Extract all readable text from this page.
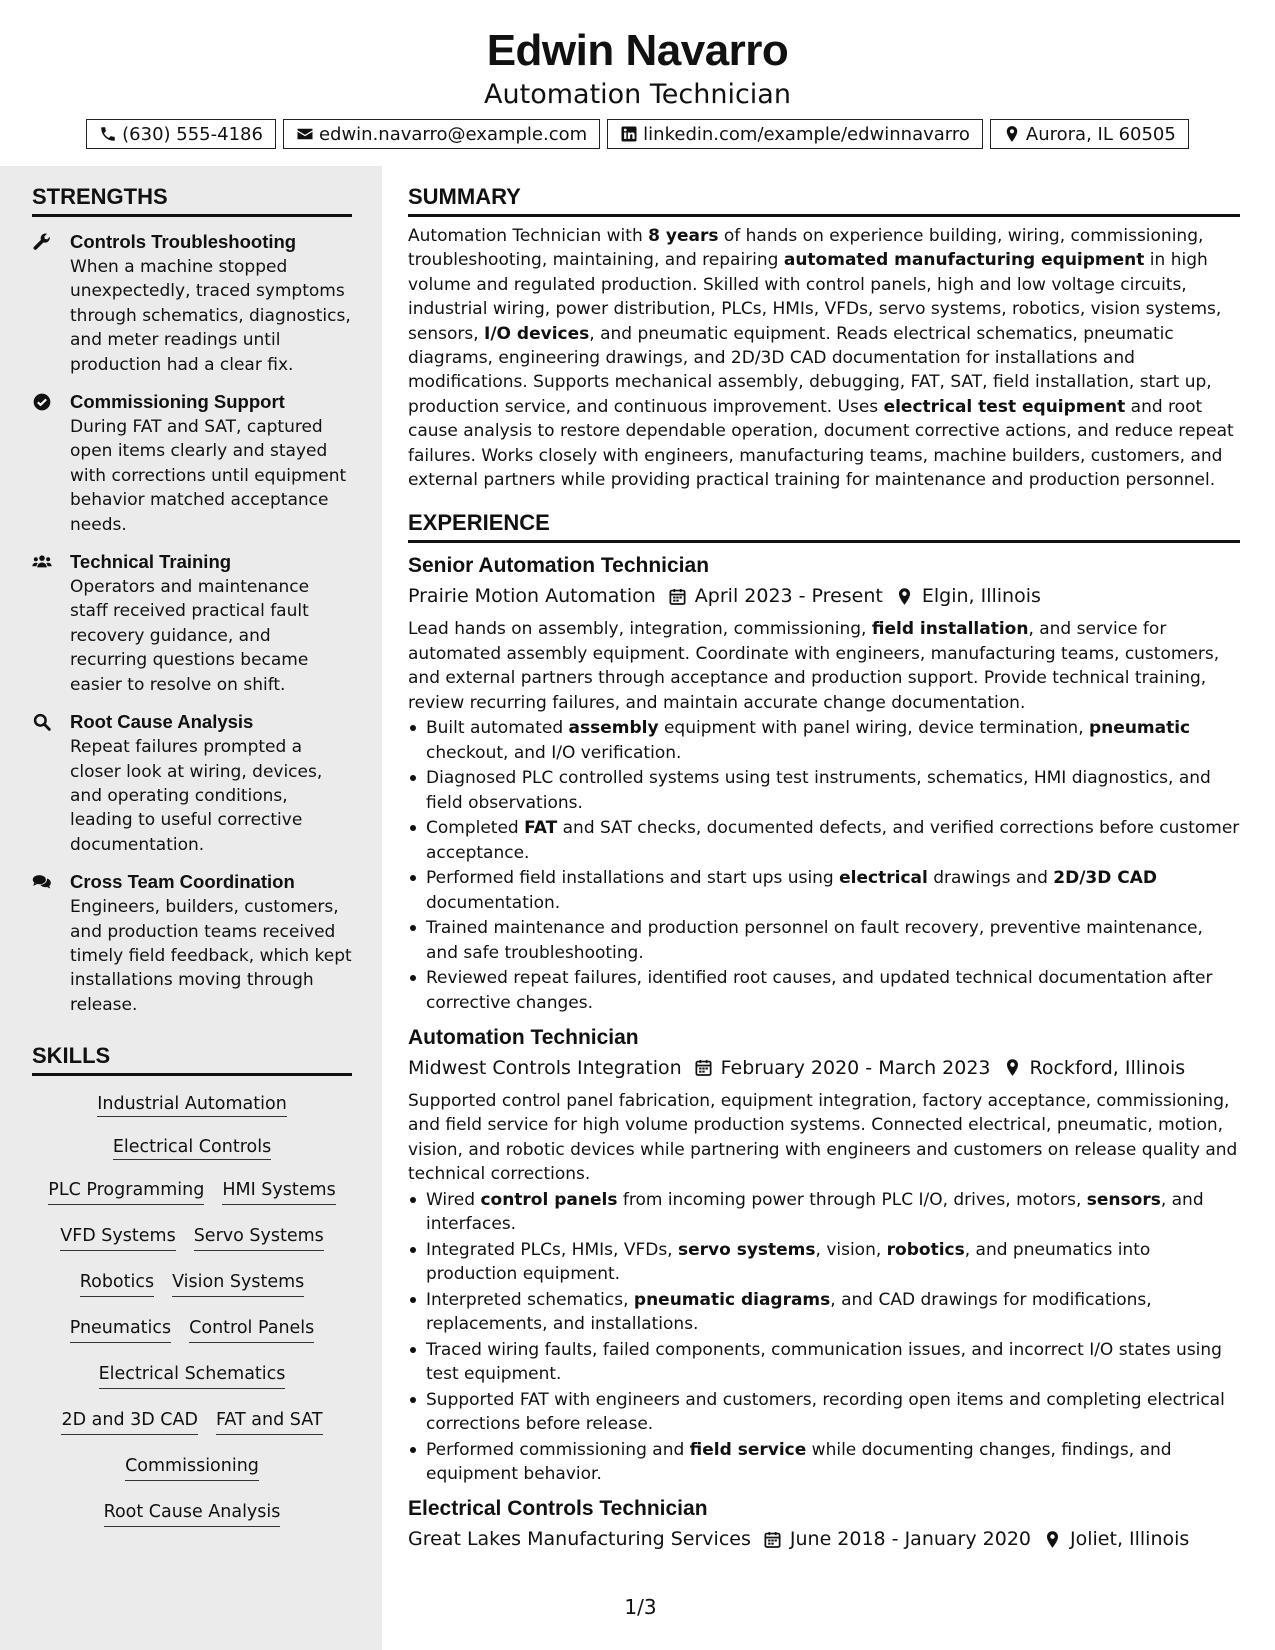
Edwin Navarro
Automation Technician
(630) 555-4186	edwin.navarro@example.com	linkedin.com/example/edwinnavarro	Aurora, IL 60505
STRENGTHS
Controls Troubleshooting
When a machine stopped unexpectedly, traced symptoms through schematics, diagnostics, and meter readings until production had a clear fix.
Commissioning Support
During FAT and SAT, captured open items clearly and stayed with corrections until equipment behavior matched acceptance needs.
Technical Training
Operators and maintenance staff received practical fault recovery guidance, and recurring questions became easier to resolve on shift.
Root Cause Analysis
Repeat failures prompted a closer look at wiring, devices, and operating conditions, leading to useful corrective documentation.
Cross Team Coordination
Engineers, builders, customers, and production teams received timely field feedback, which kept installations moving through release.
SKILLS
Industrial Automation
Electrical Controls
PLC Programming HMI Systems
VFD Systems Servo Systems
Robotics Vision Systems
Pneumatics Control Panels
Electrical Schematics
2D and 3D CAD FAT and SAT
Commissioning
Root Cause Analysis
SUMMARY

Automation Technician with 8 years of hands on experience building, wiring, commissioning, troubleshooting, maintaining, and repairing automated manufacturing equipment in high volume and regulated production. Skilled with control panels, high and low voltage circuits, industrial wiring, power distribution, PLCs, HMIs, VFDs, servo systems, robotics, vision systems, sensors, I/O devices, and pneumatic equipment. Reads electrical schematics, pneumatic diagrams, engineering drawings, and 2D/3D CAD documentation for installations and modifications. Supports mechanical assembly, debugging, FAT, SAT, field installation, start up, production service, and continuous improvement. Uses electrical test equipment and root cause analysis to restore dependable operation, document corrective actions, and reduce repeat failures. Works closely with engineers, manufacturing teams, machine builders, customers, and external partners while providing practical training for maintenance and production personnel.

EXPERIENCE
Senior Automation Technician
Prairie Motion Automation April 2023 - Present Elgin, Illinois

Lead hands on assembly, integration, commissioning, field installation, and service for automated assembly equipment. Coordinate with engineers, manufacturing teams, customers, and external partners through acceptance and production support. Provide technical training, review recurring failures, and maintain accurate change documentation.

Built automated assembly equipment with panel wiring, device termination, pneumatic checkout, and I/O verification.
Diagnosed PLC controlled systems using test instruments, schematics, HMI diagnostics, and field observations.
Completed FAT and SAT checks, documented defects, and verified corrections before customer acceptance.
Performed field installations and start ups using electrical drawings and 2D/3D CAD documentation.
Trained maintenance and production personnel on fault recovery, preventive maintenance, and safe troubleshooting.
Reviewed repeat failures, identified root causes, and updated technical documentation after corrective changes.
Automation Technician
Midwest Controls Integration February 2020 - March 2023 Rockford, Illinois

Supported control panel fabrication, equipment integration, factory acceptance, commissioning, and field service for high volume production systems. Connected electrical, pneumatic, motion, vision, and robotic devices while partnering with engineers and customers on release quality and technical corrections.

Wired control panels from incoming power through PLC I/O, drives, motors, sensors, and interfaces.
Integrated PLCs, HMIs, VFDs, servo systems, vision, robotics, and pneumatics into production equipment.
Interpreted schematics, pneumatic diagrams, and CAD drawings for modifications, replacements, and installations.
Traced wiring faults, failed components, communication issues, and incorrect I/O states using test equipment.
Supported FAT with engineers and customers, recording open items and completing electrical corrections before release.
Performed commissioning and field service while documenting changes, findings, and equipment behavior.
Electrical Controls Technician
Great Lakes Manufacturing Services June 2018 - January 2020 Joliet, Illinois
1/3
